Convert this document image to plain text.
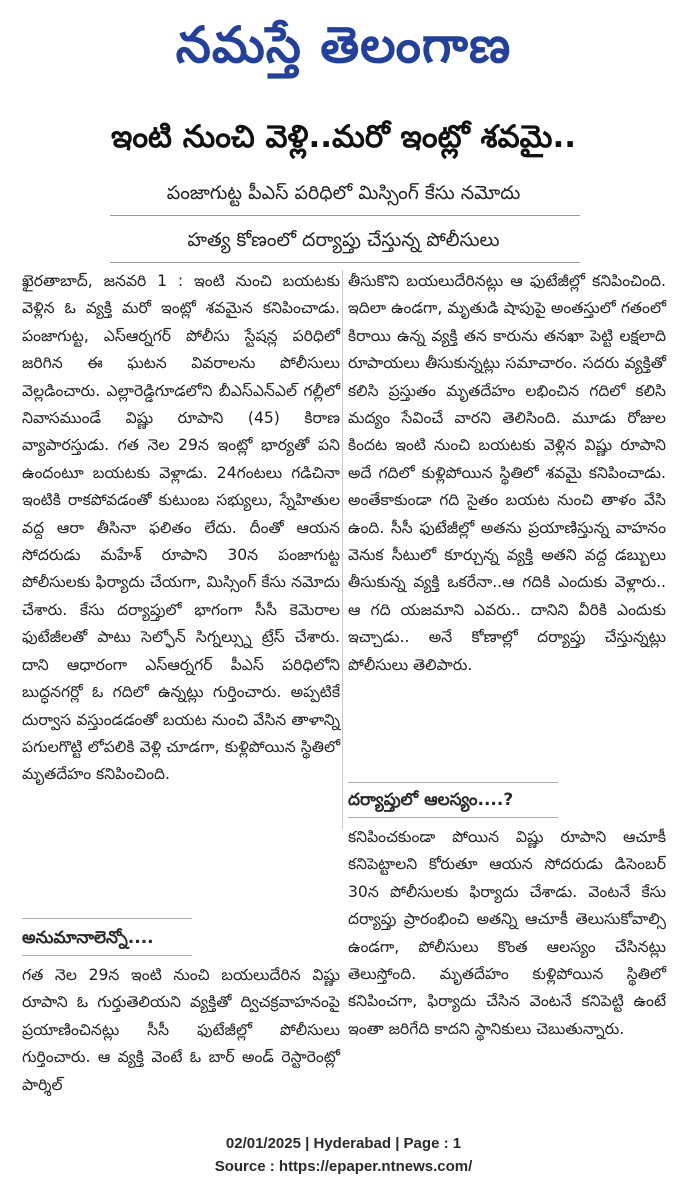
నమస్తే తెలంగాణ
ఇంటి నుంచి వెళ్లి..మరో ఇంట్లో శవమై..
పంజాగుట్ట పీఎస్ పరిధిలో మిస్సింగ్ కేసు నమోదు
హత్య కోణంలో దర్యాప్తు చేస్తున్న పోలీసులు

ఖైరతాబాద్, జనవరి 1 : ఇంటి నుంచి బయటకు వెళ్లిన ఓ వ్యక్తి మరో ఇంట్లో శవమైన కనిపించాడు. పంజాగుట్ట, ఎస్ఆర్నగర్ పోలీసు స్టేషన్ల పరిధిలో జరిగిన ఈ ఘటన వివరాలను పోలీసులు వెల్లడించారు. ఎల్లారెడ్డిగూడలోని బీఎస్ఎన్ఎల్ గల్లీలో నివాసముండే విష్ణు రూపాని (45) కిరాణ వ్యాపారస్తుడు. గత నెల 29న ఇంట్లో భార్యతో పని ఉందంటూ బయటకు వెళ్లాడు. 24గంటలు గడిచినా ఇంటికి రాకపోవడంతో కుటుంబ సభ్యులు, స్నేహితుల వద్ద ఆరా తీసినా ఫలితం లేదు. దీంతో ఆయన సోదరుడు మహేశ్ రూపాని 30న పంజాగుట్ట పోలీసులకు ఫిర్యాదు చేయగా, మిస్సింగ్ కేసు నమోదు చేశారు. కేసు దర్యాప్తులో భాగంగా సీసీ కెమెరాల ఫుటేజీలతో పాటు సెల్ఫోన్ సిగ్నల్స్ను ట్రేస్ చేశారు. దాని ఆధారంగా ఎస్ఆర్నగర్ పీఎస్ పరిధిలోని బుద్ధనగర్లో ఓ గదిలో ఉన్నట్లు గుర్తించారు. అప్పటికే దుర్వాస వస్తుండడంతో బయట నుంచి వేసిన తాళాన్ని పగులగొట్టి లోపలికి వెళ్లి చూడగా, కుళ్లిపోయిన స్థితిలో మృతదేహం కనిపించింది.

అనుమానాలెన్నో....

గత నెల 29న ఇంటి నుంచి బయలుదేరిన విష్ణు రూపాని ఓ గుర్తుతెలియని వ్యక్తితో ద్విచక్రవాహనంపై ప్రయాణించినట్లు సీసీ ఫుటేజీల్లో పోలీసులు గుర్తించారు. ఆ వ్యక్తి వెంటే ఓ బార్ అండ్ రెస్టారెంట్లో పార్శిల్

తీసుకొని బయలుదేరినట్లు ఆ ఫుటేజీల్లో కనిపించింది. ఇదిలా ఉండగా, మృతుడి షాపుపై అంతస్తులో గతంలో కిరాయి ఉన్న వ్యక్తి తన కారును తనఖా పెట్టి లక్షలాది రూపాయలు తీసుకున్నట్లు సమాచారం. సదరు వ్యక్తితో కలిసి ప్రస్తుతం మృతదేహం లభించిన గదిలో కలిసి మద్యం సేవించే వారని తెలిసింది. మూడు రోజుల కిందట ఇంటి నుంచి బయటకు వెళ్లిన విష్ణు రూపాని అదే గదిలో కుళ్లిపోయిన స్థితిలో శవమై కనిపించాడు. అంతేకాకుండా గది సైతం బయట నుంచి తాళం వేసి ఉంది. సీసీ ఫుటేజీల్లో అతను ప్రయాణిస్తున్న వాహనం వెనుక సీటులో కూర్చున్న వ్యక్తి అతని వద్ద డబ్బులు తీసుకున్న వ్యక్తి ఒకరేనా..ఆ గదికి ఎందుకు వెళ్లారు.. ఆ గది యజమాని ఎవరు.. దానిని వీరికి ఎందుకు ఇచ్చాడు.. అనే కోణాల్లో దర్యాప్తు చేస్తున్నట్లు పోలీసులు తెలిపారు.

దర్యాప్తులో ఆలస్యం....?

కనిపించకుండా పోయిన విష్ణు రూపాని ఆచూకీ కనిపెట్టాలని కోరుతూ ఆయన సోదరుడు డిసెంబర్ 30న పోలీసులకు ఫిర్యాదు చేశాడు. వెంటనే కేసు దర్యాప్తు ప్రారంభించి అతన్ని ఆచూకీ తెలుసుకోవాల్సి ఉండగా, పోలీసులు కొంత ఆలస్యం చేసినట్లు తెలుస్తోంది. మృతదేహం కుళ్లిపోయిన స్థితిలో కనిపించగా, ఫిర్యాదు చేసిన వెంటనే కనిపెట్టి ఉంటే ఇంతా జరిగేది కాదని స్థానికులు చెబుతున్నారు.

02/01/2025 | Hyderabad | Page : 1
Source : https://epaper.ntnews.com/
